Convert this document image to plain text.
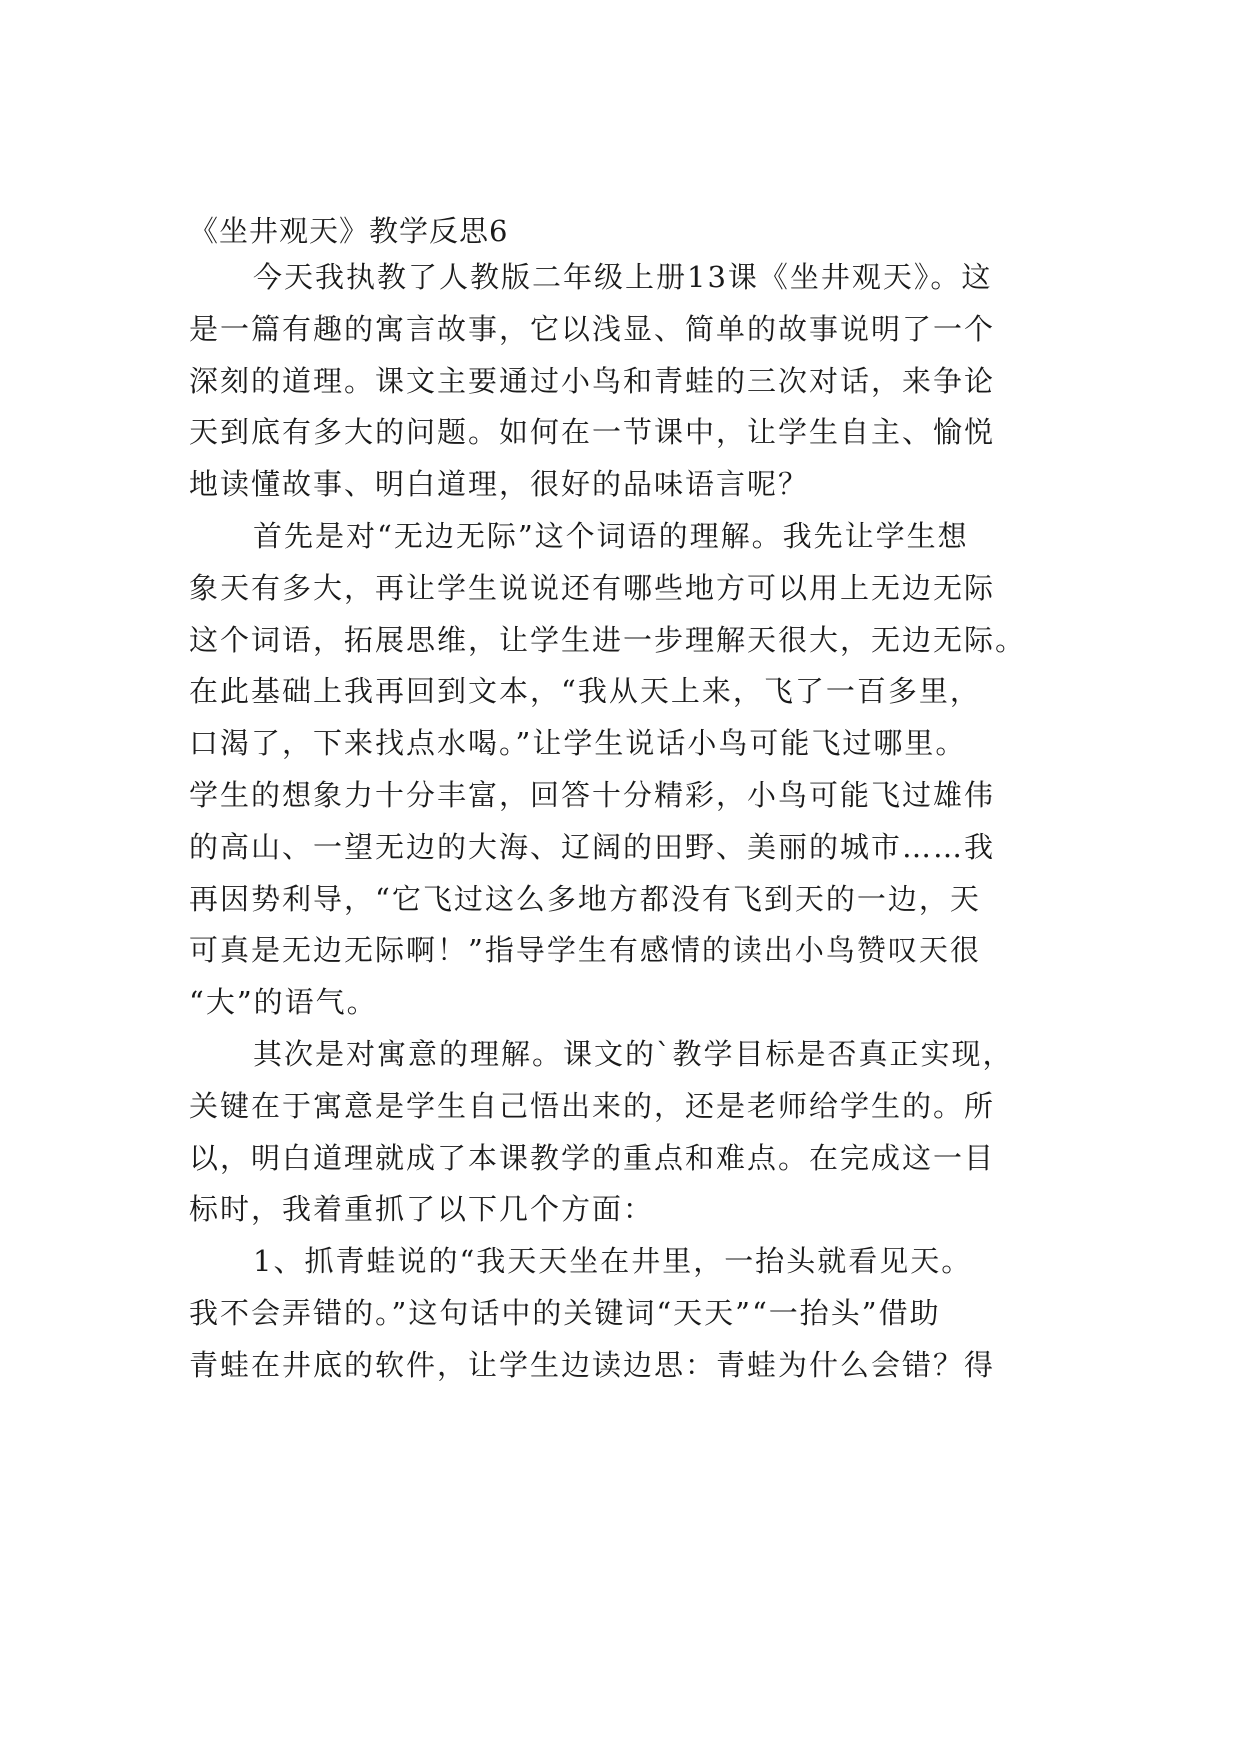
《坐井观天》教学反思6
今天我执教了人教版二年级上册13课《坐井观天》。这
是一篇有趣的寓言故事，它以浅显、简单的故事说明了一个
深刻的道理。课文主要通过小鸟和青蛙的三次对话，来争论
天到底有多大的问题。如何在一节课中，让学生自主、愉悦
地读懂故事、明白道理，很好的品味语言呢？
首先是对“无边无际”这个词语的理解。我先让学生想
象天有多大，再让学生说说还有哪些地方可以用上无边无际
这个词语，拓展思维，让学生进一步理解天很大，无边无际。
在此基础上我再回到文本，“我从天上来，飞了一百多里，
口渴了，下来找点水喝。”让学生说话小鸟可能飞过哪里。
学生的想象力十分丰富，回答十分精彩，小鸟可能飞过雄伟
的高山、一望无边的大海、辽阔的田野、美丽的城市……我
再因势利导，“它飞过这么多地方都没有飞到天的一边，天
可真是无边无际啊！”指导学生有感情的读出小鸟赞叹天很
“大”的语气。
其次是对寓意的理解。课文的`教学目标是否真正实现，
关键在于寓意是学生自己悟出来的，还是老师给学生的。所
以，明白道理就成了本课教学的重点和难点。在完成这一目
标时，我着重抓了以下几个方面：
1、抓青蛙说的“我天天坐在井里，一抬头就看见天。
我不会弄错的。”这句话中的关键词“天天”“一抬头”借助
青蛙在井底的软件，让学生边读边思：青蛙为什么会错？得
